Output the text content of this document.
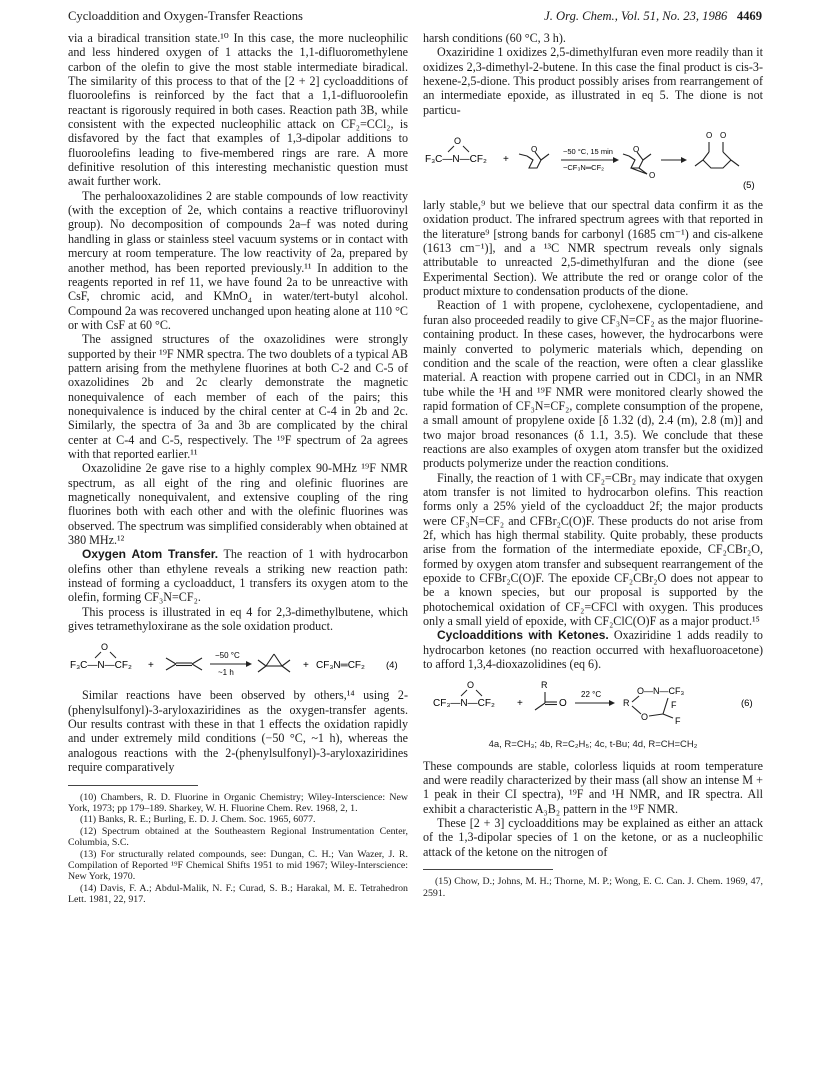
Cycloaddition and Oxygen-Transfer Reactions	J. Org. Chem., Vol. 51, No. 23, 1986 4469

via a biradical transition state.¹⁰ In this case, the more nucleophilic and less hindered oxygen of 1 attacks the 1,1-difluoromethylene carbon of the olefin to give the most stable intermediate biradical. The similarity of this process to that of the [2 + 2] cycloadditions of fluoroolefins is reinforced by the fact that a 1,1-difluoroolefin reactant is rigorously required in both cases. Reaction path 3B, while consistent with the expected nucleophilic attack on CF₂=CCl₂, is disfavored by the fact that examples of 1,3-dipolar additions to fluoroolefins leading to five-membered rings are rare. A more definitive resolution of this interesting mechanistic question must await further work.

The perhalooxazolidines 2 are stable compounds of low reactivity (with the exception of 2e, which contains a reactive trifluorovinyl group). No decomposition of compounds 2a–f was noted during handling in glass or stainless steel vacuum systems or in contact with mercury at room temperature. The low reactivity of 2a, prepared by another method, has been reported previously.¹¹ In addition to the reagents reported in ref 11, we have found 2a to be unreactive with CsF, chromic acid, and KMnO₄ in water/tert-butyl alcohol. Compound 2a was recovered unchanged upon heating alone at 110 °C or with CsF at 60 °C.

The assigned structures of the oxazolidines were strongly supported by their ¹⁹F NMR spectra. The two doublets of a typical AB pattern arising from the methylene fluorines at both C-2 and C-5 of oxazolidines 2b and 2c clearly demonstrate the magnetic nonequivalence of each member of each of the pairs; this nonequivalence is induced by the chiral center at C-4 in 2b and 2c. Similarly, the spectra of 3a and 3b are complicated by the chiral center at C-4 and C-5, respectively. The ¹⁹F spectrum of 2a agrees with that reported earlier.¹¹

Oxazolidine 2e gave rise to a highly complex 90-MHz ¹⁹F NMR spectrum, as all eight of the ring and olefinic fluorines are magnetically nonequivalent, and extensive coupling of the ring fluorines both with each other and with the olefinic fluorines was observed. The spectrum was simplified considerably when obtained at 380 MHz.¹²

Oxygen Atom Transfer. The reaction of 1 with hydrocarbon olefins other than ethylene reveals a striking new reaction path: instead of forming a cycloadduct, 1 transfers its oxygen atom to the olefin, forming CF₃N=CF₂.

This process is illustrated in eq 4 for 2,3-dimethylbutene, which gives tetramethyloxirane as the sole oxidation product.

O
F₃C—N—CF₂ +
−50 °C
~1 h
+ CF₃N═CF₂ (4)

Similar reactions have been observed by others,¹⁴ using 2-(phenylsulfonyl)-3-aryloxaziridines as the oxygen-transfer agents. Our results contrast with these in that 1 effects the oxidation rapidly and under extremely mild conditions (−50 °C, ~1 h), whereas the analogous reactions with the 2-(phenylsulfonyl)-3-aryloxaziridines require comparatively

(10) Chambers, R. D. Fluorine in Organic Chemistry; Wiley-Interscience: New York, 1973; pp 179–189. Sharkey, W. H. Fluorine Chem. Rev. 1968, 2, 1.

(11) Banks, R. E.; Burling, E. D. J. Chem. Soc. 1965, 6077.

(12) Spectrum obtained at the Southeastern Regional Instrumentation Center, Columbia, S.C.

(13) For structurally related compounds, see: Dungan, C. H.; Van Wazer, J. R. Compilation of Reported ¹⁹F Chemical Shifts 1951 to mid 1967; Wiley-Interscience: New York, 1970.

(14) Davis, F. A.; Abdul-Malik, N. F.; Curad, S. B.; Harakal, M. E. Tetrahedron Lett. 1981, 22, 917.

harsh conditions (60 °C, 3 h).

Oxaziridine 1 oxidizes 2,5-dimethylfuran even more readily than it oxidizes 2,3-dimethyl-2-butene. In this case the final product is cis-3-hexene-2,5-dione. This product possibly arises from rearrangement of an intermediate epoxide, as illustrated in eq 5. The dione is not particu-

O
F₃C—N—CF₂ +
O	−50 °C, 15 min
−CF₃N═CF₂
O
O
O O
(5)

larly stable,⁹ but we believe that our spectral data confirm it as the oxidation product. The infrared spectrum agrees with that reported in the literature⁹ [strong bands for carbonyl (1685 cm⁻¹) and cis-alkene (1613 cm⁻¹)], and a ¹³C NMR spectrum reveals only signals attributable to unreacted 2,5-dimethylfuran and the dione (see Experimental Section). We attribute the red or orange color of the product mixture to condensation products of the dione.

Reaction of 1 with propene, cyclohexene, cyclopentadiene, and furan also proceeded readily to give CF₃N=CF₂ as the major fluorine-containing product. In these cases, however, the hydrocarbons were mainly converted to polymeric materials which, depending on condition and the scale of the reaction, were often a clear glasslike material. A reaction with propene carried out in CDCl₃ in an NMR tube while the ¹H and ¹⁹F NMR were monitored clearly showed the rapid formation of CF₃N=CF₂, complete consumption of the propene, a small amount of propylene oxide [δ 1.32 (d), 2.4 (m), 2.8 (m)] and two major broad resonances (δ 1.1, 3.5). We conclude that these reactions are also examples of oxygen atom transfer but the oxidized products polymerize under the reaction conditions.

Finally, the reaction of 1 with CF₂=CBr₂ may indicate that oxygen atom transfer is not limited to hydrocarbon olefins. This reaction forms only a 25% yield of the cycloadduct 2f; the major products were CF₃N=CF₂ and CFBr₂C(O)F. These products do not arise from 2f, which has high thermal stability. Quite probably, these products arise from the formation of the intermediate epoxide, CF₂CBr₂O, formed by oxygen atom transfer and subsequent rearrangement of the epoxide to CFBr₂C(O)F. The epoxide CF₂CBr₂O does not appear to be a known species, but our proposal is supported by the photochemical oxidation of CF₂=CFCl with oxygen. This produces only a small yield of epoxide, with CF₂ClC(O)F as a major product.¹⁵

Cycloadditions with Ketones. Oxaziridine 1 adds readily to hydrocarbon ketones (no reaction occurred with hexafluoroacetone) to afford 1,3,4-dioxazolidines (eq 6).

O
CF₃—N—CF₂ +
R
O
22 °C
R
O—N—CF₃
O
F
F
(6)
4a, R=CH₃; 4b, R=C₂H₅; 4c, t-Bu; 4d, R=CH=CH₂

These compounds are stable, colorless liquids at room temperature and were readily characterized by their mass (all show an intense M + 1 peak in their CI spectra), ¹⁹F and ¹H NMR, and IR spectra. All exhibit a characteristic A₃B₂ pattern in the ¹⁹F NMR.

These [2 + 3] cycloadditions may be explained as either an attack of the 1,3-dipolar species of 1 on the ketone, or as a nucleophilic attack of the ketone on the nitrogen of

(15) Chow, D.; Johns, M. H.; Thorne, M. P.; Wong, E. C. Can. J. Chem. 1969, 47, 2591.
